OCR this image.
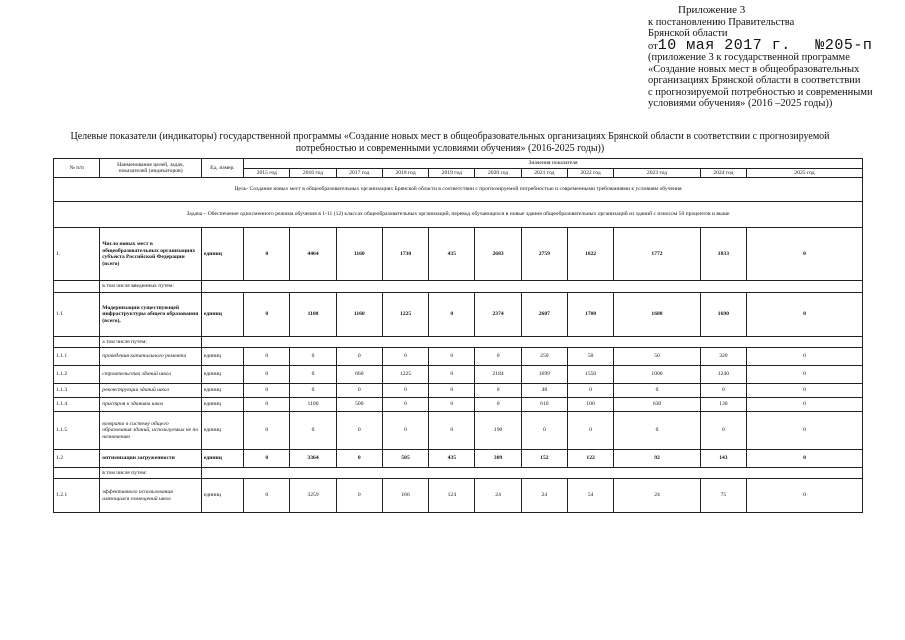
Приложение 3
к постановлению Правительства
Брянской области
от10 мая 2017 г. №205-п
(приложение 3 к государственной программе
«Создание новых мест в общеобразовательных
организациях Брянской области в соответствии
с прогнозируемой потребностью и современными
условиями обучения» (2016 –2025 годы))
Целевые показатели (индикаторы) государственной программы «Создание новых мест в общеобразовательных организациях Брянской области в соответствии с прогнозируемой
потребностью и современными условиями обучения» (2016-2025 годы))
№ п/п	Наименование целей, задач, показателей (индикаторов)	Ед. измер.	Значения показателя										
			2015 год	2016 год	2017 год	2018 год	2019 год	2020 год	2021 год	2022 год	2023 год	2024 год	2025 год
Цель- Создание новых мест в общеобразовательных организациях Брянской области в соответствии с прогнозируемой потребностью и современными требованиями к условиям обучения													
Задача – Обеспечение односменного режима обучения в 1-11 (12) классах общеобразовательных организаций, перевод обучающихся в новые здания общеобразовательных организаций из зданий с износом 50 процентов и выше													
1.	Число новых мест в общеобразовательных организациях субъекта Российской Федерации (всего)	единиц	0	4464	1160	1730	435	2683	2759	1822	1772	1833	0
	в том числе введенных путем:												
1.1	Модернизации существующей инфраструктуры общего образования (всего),	единиц	0	1100	1160	1225	0	2374	2607	1700	1680	1690	0
	а том числе путем:												
1.1.1	проведения капитального ремонта	единиц	0	0	0	0	0	0	250	50	50	320	0
1.1.2	строительства зданий школ	единиц	0	0	660	1225	0	2184	1699	1550	1000	1240	0
1.1.3	реконструкции зданий школ	единиц	0	0	0	0	0	0	48	0	0	0	0
1.1.4	пристроя к зданиям школ	единиц	0	1100	500	0	0	0	610	100	630	130	0
1.1.5	возврата в систему общего образования зданий, используемых не по назначению	единиц	0	0	0	0	0	190	0	0	0	0	0
1.2	оптимизации загруженности	единиц	0	3364	0	505	435	309	152	122	92	143	0
	в том числе путем:												
1.2.1	эффективного использования имеющихся помещений школ	единиц	0	3259	0	166	124	24	24	54	24	75	0
